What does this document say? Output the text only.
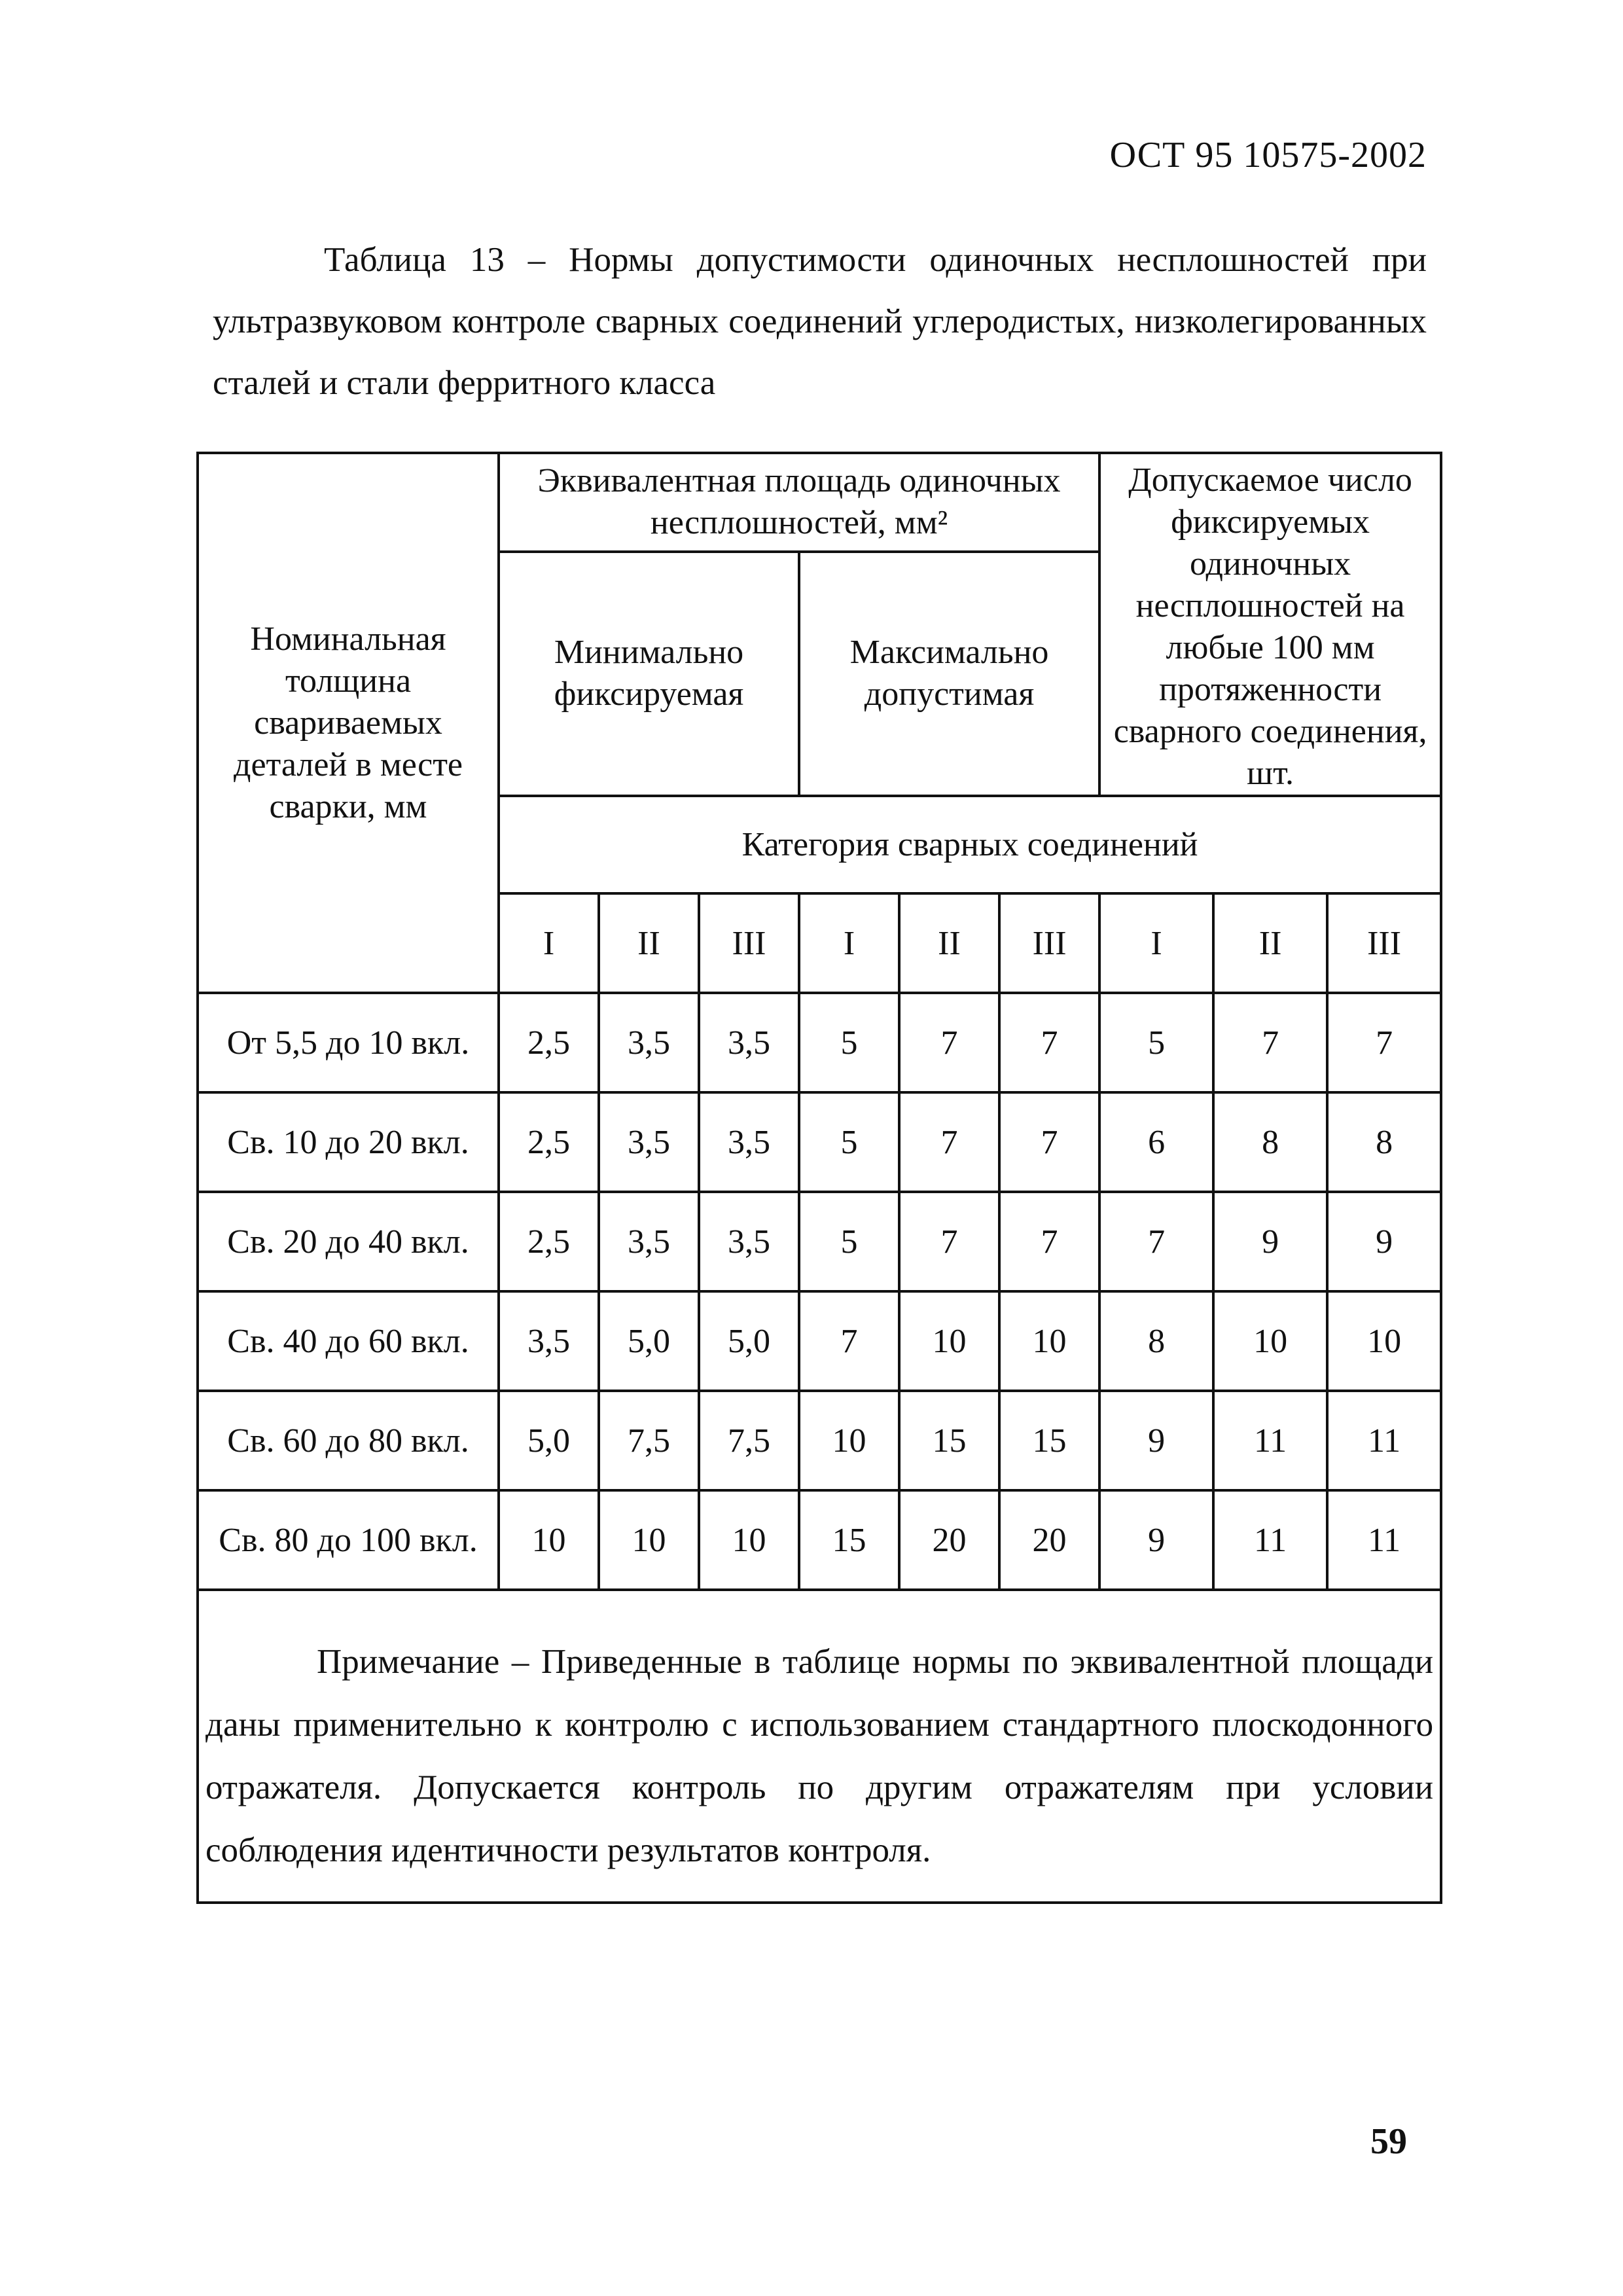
ОСТ 95 10575-2002
Таблица 13 – Нормы допустимости одиночных несплошностей при ультразвуковом контроле сварных соединений углеродистых, низколегированных сталей и стали ферритного класса
Номинальная толщина свариваемых деталей в месте сварки, мм	Эквивалентная площадь одиночных несплошностей, мм²						Допускаемое число фиксируемых одиночных несплошностей на любые 100 мм протяженности сварного соединения, шт.		
	Минимально фиксируемая			Максимально допустимая					
	Категория сварных соединений								
	I	II	III	I	II	III	I	II	III
От 5,5 до 10 вкл.	2,5	3,5	3,5	5	7	7	5	7	7
Св. 10 до 20 вкл.	2,5	3,5	3,5	5	7	7	6	8	8
Св. 20 до 40 вкл.	2,5	3,5	3,5	5	7	7	7	9	9
Св. 40 до 60 вкл.	3,5	5,0	5,0	7	10	10	8	10	10
Св. 60 до 80 вкл.	5,0	7,5	7,5	10	15	15	9	11	11
Св. 80 до 100 вкл.	10	10	10	15	20	20	9	11	11
Примечание – Приведенные в таблице нормы по эквивалентной площади даны применительно к контролю с использованием стандартного плоскодонного отражателя. Допускается контроль по другим отражателям при условии соблюдения идентичности результатов контроля.									
59
